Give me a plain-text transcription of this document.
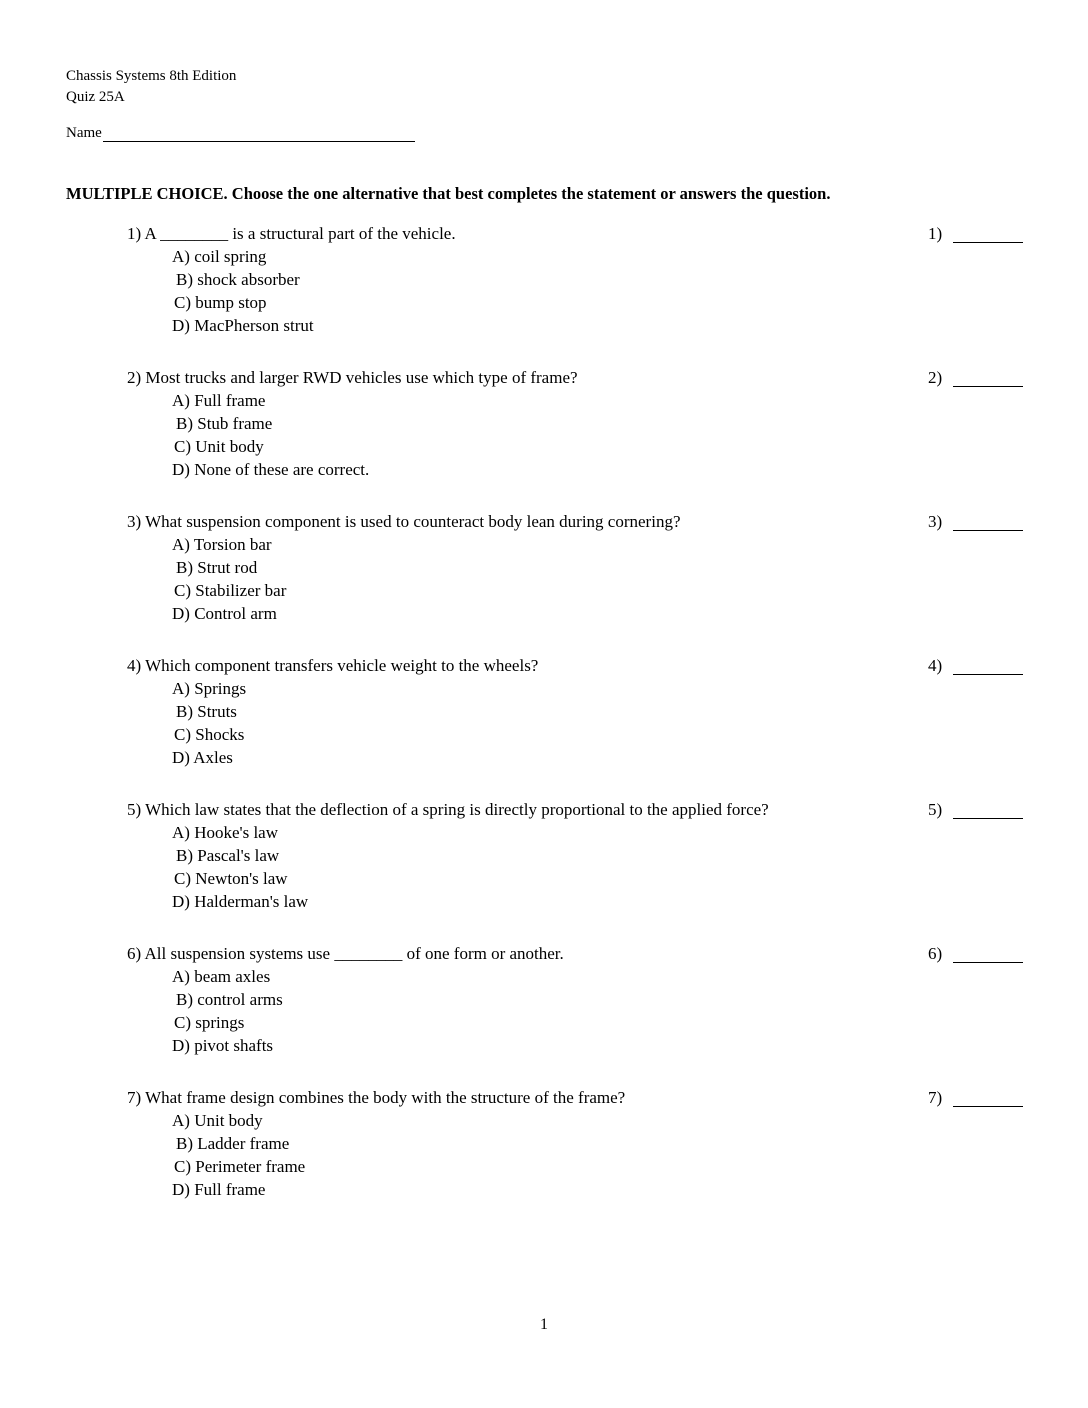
Chassis Systems 8th Edition
Quiz 25A
Name
MULTIPLE CHOICE. Choose the one alternative that best completes the statement or answers the question.
1) A ________ is a structural part of the vehicle.	1)
A) coil spring
B) shock absorber
C) bump stop
D) MacPherson strut
2) Most trucks and larger RWD vehicles use which type of frame?	2)
A) Full frame
B) Stub frame
C) Unit body
D) None of these are correct.
3) What suspension component is used to counteract body lean during cornering?	3)
A) Torsion bar
B) Strut rod
C) Stabilizer bar
D) Control arm
4) Which component transfers vehicle weight to the wheels?	4)
A) Springs
B) Struts
C) Shocks
D) Axles
5) Which law states that the deflection of a spring is directly proportional to the applied force?	5)
A) Hooke's law
B) Pascal's law
C) Newton's law
D) Halderman's law
6) All suspension systems use ________ of one form or another.	6)
A) beam axles
B) control arms
C) springs
D) pivot shafts
7) What frame design combines the body with the structure of the frame?	7)
A) Unit body
B) Ladder frame
C) Perimeter frame
D) Full frame
1
